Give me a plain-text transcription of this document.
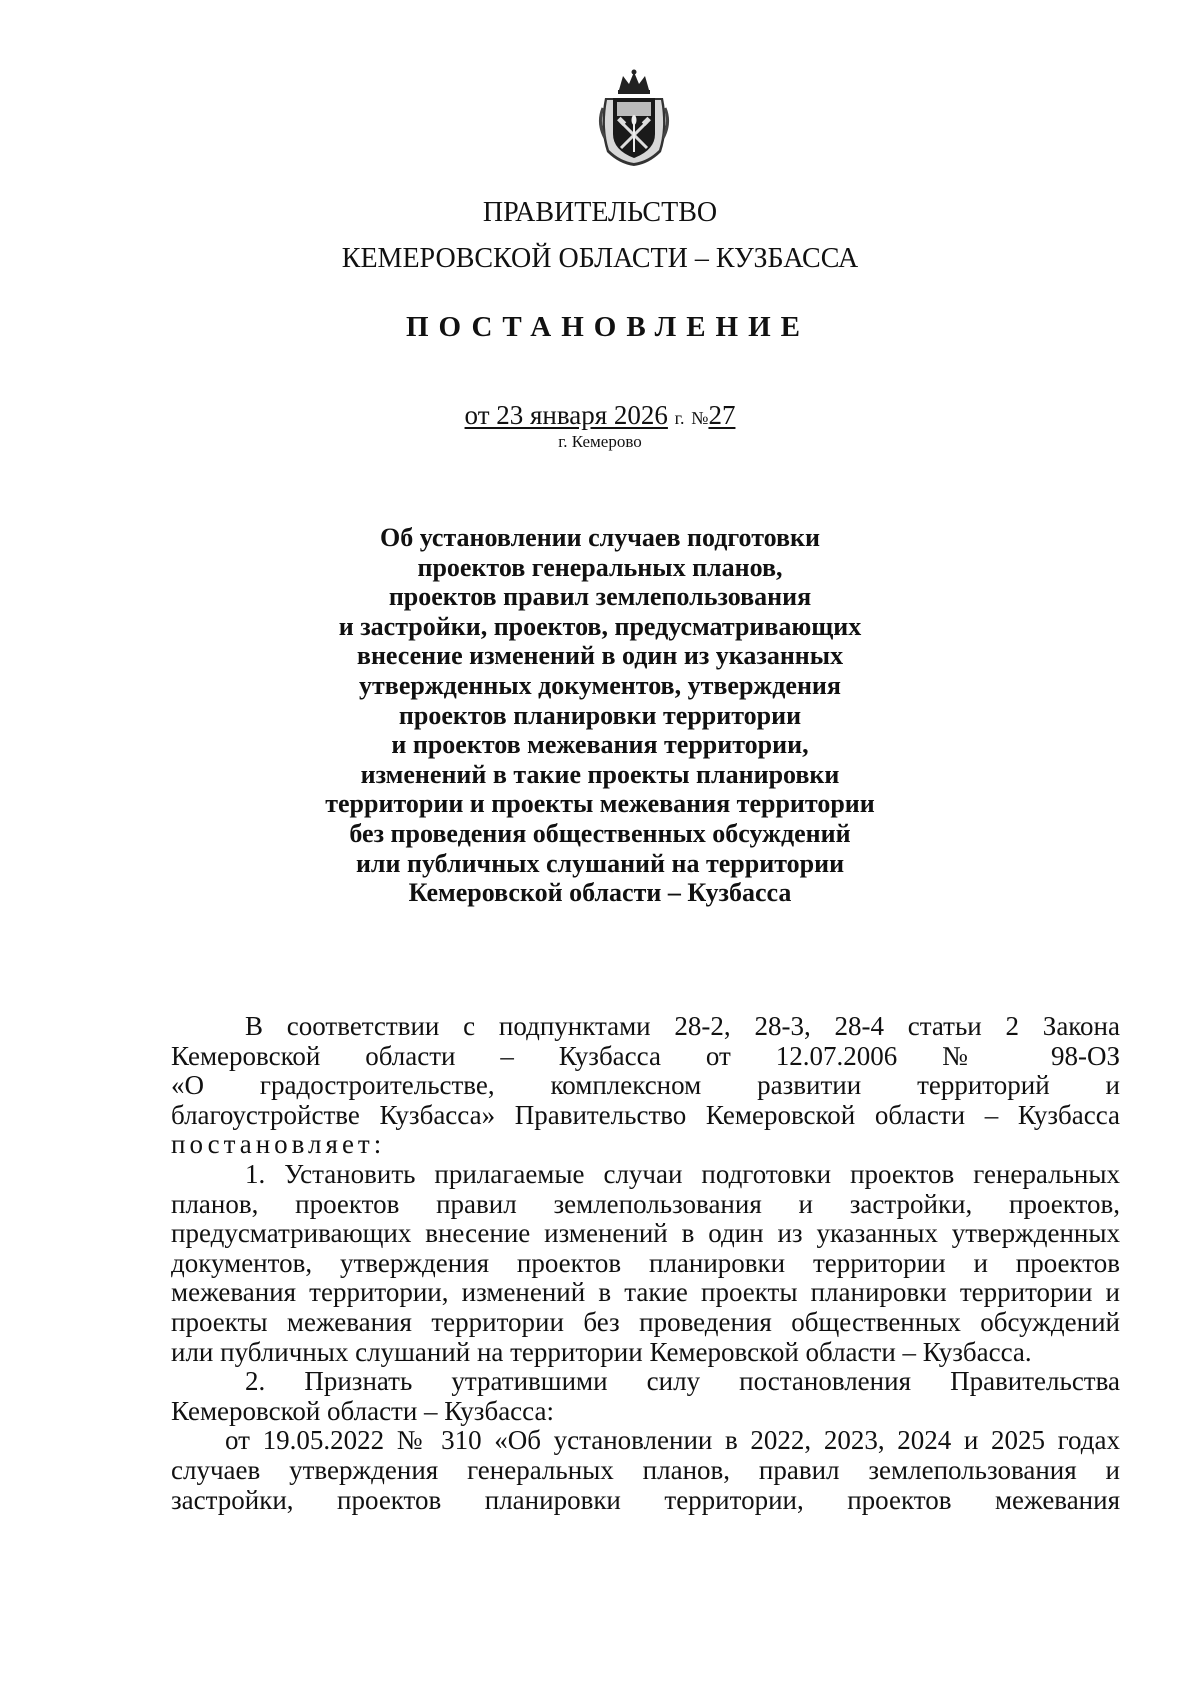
ПРАВИТЕЛЬСТВО
КЕМЕРОВСКОЙ ОБЛАСТИ – КУЗБАССА
ПОСТАНОВЛЕНИЕ
от 23 января 2026 г. №27
г. Кемерово
Об установлении случаев подготовки
проектов генеральных планов,
проектов правил землепользования
и застройки, проектов, предусматривающих
внесение изменений в один из указанных
утвержденных документов, утверждения
проектов планировки территории
и проектов межевания территории,
изменений в такие проекты планировки
территории и проекты межевания территории
без проведения общественных обсуждений
или публичных слушаний на территории
Кемеровской области – Кузбасса
В соответствии с подпунктами 28-2, 28-3, 28-4 статьи 2 Закона
Кемеровской области – Кузбасса от 12.07.2006 № 98-ОЗ
«О градостроительстве, комплексном развитии территорий и
благоустройстве Кузбасса» Правительство Кемеровской области – Кузбасса
постановляет:
1. Установить прилагаемые случаи подготовки проектов генеральных
планов, проектов правил землепользования и застройки, проектов,
предусматривающих внесение изменений в один из указанных утвержденных
документов, утверждения проектов планировки территории и проектов
межевания территории, изменений в такие проекты планировки территории и
проекты межевания территории без проведения общественных обсуждений
или публичных слушаний на территории Кемеровской области – Кузбасса.
2. Признать утратившими силу постановления Правительства
Кемеровской области – Кузбасса:
от 19.05.2022 № 310 «Об установлении в 2022, 2023, 2024 и 2025 годах
случаев утверждения генеральных планов, правил землепользования и
застройки, проектов планировки территории, проектов межевания
